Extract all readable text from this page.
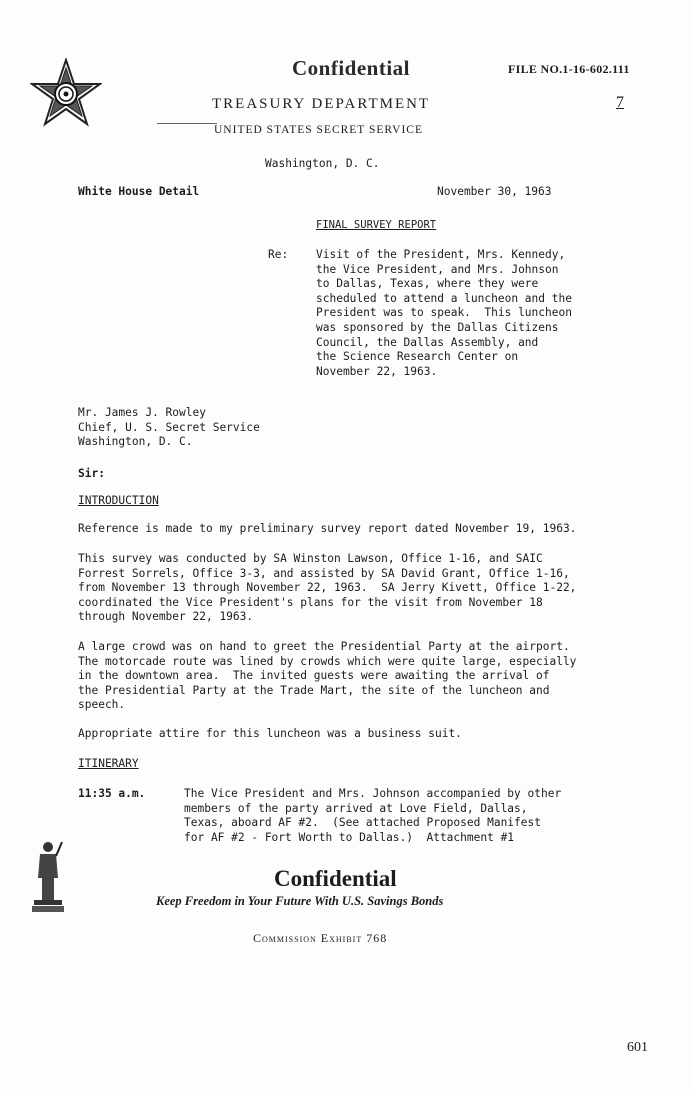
Confidential	FILE NO.1-16-602.111
7
TREASURY DEPARTMENT
UNITED STATES SECRET SERVICE
Washington, D. C.
White House Detail	November 30, 1963
FINAL SURVEY REPORT
Re: Visit of the President, Mrs. Kennedy,
the Vice President, and Mrs. Johnson
to Dallas, Texas, where they were
scheduled to attend a luncheon and the
President was to speak.  This luncheon
was sponsored by the Dallas Citizens
Council, the Dallas Assembly, and
the Science Research Center on
November 22, 1963.
Mr. James J. Rowley
Chief, U. S. Secret Service
Washington, D. C.
Sir:
INTRODUCTION
Reference is made to my preliminary survey report dated November 19, 1963.
This survey was conducted by SA Winston Lawson, Office 1-16, and SAIC
Forrest Sorrels, Office 3-3, and assisted by SA David Grant, Office 1-16,
from November 13 through November 22, 1963.  SA Jerry Kivett, Office 1-22,
coordinated the Vice President's plans for the visit from November 18
through November 22, 1963.
A large crowd was on hand to greet the Presidential Party at the airport.
The motorcade route was lined by crowds which were quite large, especially
in the downtown area.  The invited guests were awaiting the arrival of
the Presidential Party at the Trade Mart, the site of the luncheon and
speech.
Appropriate attire for this luncheon was a business suit.
ITINERARY
11:35 a.m.	The Vice President and Mrs. Johnson accompanied by other
members of the party arrived at Love Field, Dallas,
Texas, aboard AF #2.  (See attached Proposed Manifest
for AF #2 - Fort Worth to Dallas.)  Attachment #1
Confidential
Keep Freedom in Your Future With U.S. Savings Bonds
Commission Exhibit 768
601
